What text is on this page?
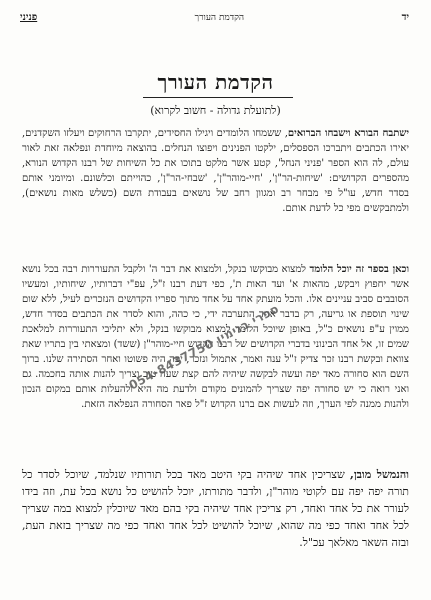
יד
הקדמת העורך
פניני
הקדמת העורך
(לתועלת גדולה - חשוב לקרוא)

ישתבח הבורא וישבחו הברואים, ששמחו הלומדים ויגילו החסידים, יתקרבו הרחוקים ויעלזו השקדנים, יאירו הכתבים ויתברכו הספסלים, ילקטו הפנינים ויפוצו הנחלים. בהוצאה מיוחדת ונפלאה זאת לאור עולם, לה הוא הספר 'פניני הנחל', קטע אשר מלקט בתוכו את כל השיחות של רבנו הקדוש הנורא, מהספרים הקדושים: 'שיחות-הר"ן', 'חיי-מוהר"ן', 'שבחי-הר"ן', כהוייתם וכלשונם. ומיומני אותם בסדר חדש, עו"ל פי מבחר רב ומגוון רחב של נושאים בעבודת השם (כשלש מאות נושאים), ולמתבקשים מפי כל לדעת אותם.

וכאן בספר זה יוכל הלומד למצוא מבוקשו בנקל, ולמצוא את דבר ה' ולקבל התעוררות רבה בכל נושא אשר יחפוץ ויבקש, מהאות א' ועד האות ת', כפי דעת רבנו ז"ל, עפ"י דברותיו, שיחותיו, ומעשיו הסובבים סביב עניינים אלו. והכל מועתק אחד על אחד מתוך ספריו הקדושים הנזכרים לעיל, ללא שום שינוי תוספת או גריעה, רק בדבר אחד התערבה ידי, כי כהה, והוא לסדר את הכתבים בסדר חדש, ממוין ע"פ נושאים כ"ל, באופן שיוכל הלומד למצוא מבוקשו בנקל, ולא יתליבי התעוררות למלאכת שמים זו, אל אחד הבינוני בדברי הקדושים של רבנו הקדוש חיי-מוהר"ן (ששד) ומצאתי בין בתריו שאת צוואת ובקשת רבנו זכר צדיק ז"ל ענה ואמר, אתמול ונזכר, יפה היה פשוטו ואחר הסתירה שלנו. ברוך השם הוא סחורה מאד יפה ועשה לבקשה שיהיה להם קצת שעה טוב וצריך להנות אותה בחכמה. גם ואני רואה כי יש סחורה יפה שצריך להמונים מקודם ולדעת מה היא ולהעלות אותם במקום הנכון ולהנות ממנה לפי הערך, וזה לעשות אם ברנו הקדוש ז"ל פאר הסחורה הנפלאה הזאת.

והנמשל מובן, שצריכין אחד שיהיה בקי היטב מאד בכל תורותיו שנלמד, שיוכל לסדר כל תורה יפה יפה עם לקוטי מוהר"ן, ולדבר מתורתו, יוכל להושיט כל נושא בכל עת, וזה בידו לעורר את כל אחד ואחד, רק צריכין אחד שיהיה בקי בהם מאד שיוכלין למצוא במה שצריך לכל אחד ואחד כפי מה שהוא, שיוכל להושיט לכל אחד ואחד כפי מה שצריך בזאת העת, ובזה השאר מאלאך עכ"ל.

ספרי בנימין 054-8437750
